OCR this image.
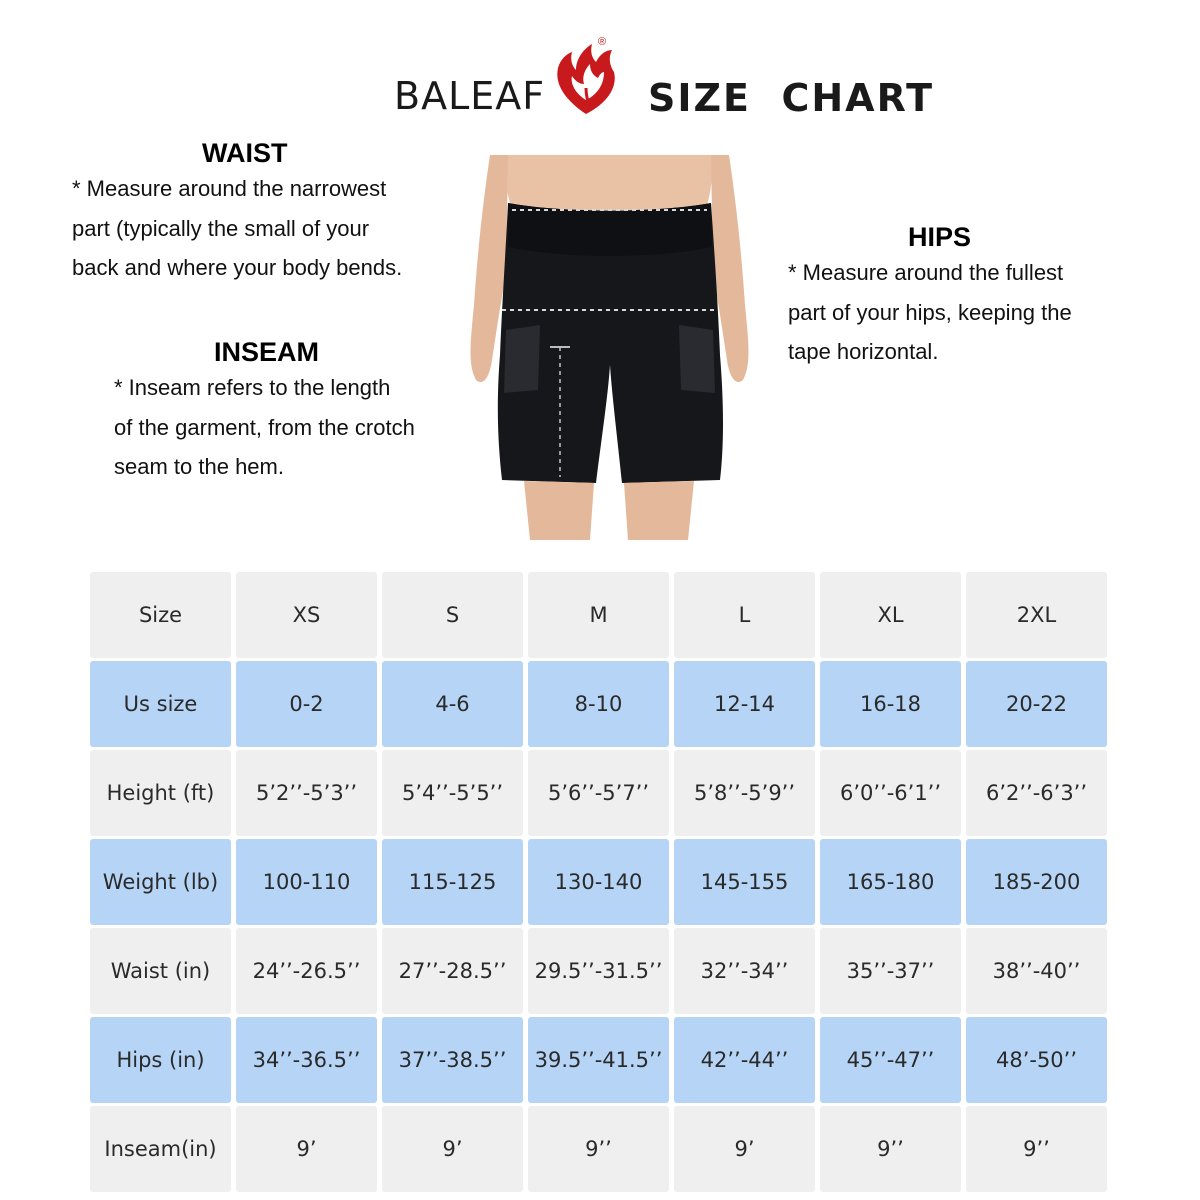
BALEAF
®
SIZE  CHART
WAIST

* Measure around the narrowest

part (typically the small of your

back and where your body bends.

INSEAM

* Inseam refers to the length

of the garment, from the crotch

seam to the hem.

HIPS

* Measure around the fullest

part of your hips, keeping the

tape horizontal.

Size	XS	S	M	L	XL	2XL
Us size	0-2	4-6	8-10	12-14	16-18	20-22
Height (ft)	5’2’’-5’3’’	5’4’’-5’5’’	5’6’’-5’7’’	5’8’’-5’9’’	6’0’’-6’1’’	6’2’’-6’3’’
Weight (lb)	100-110	115-125	130-140	145-155	165-180	185-200
Waist (in)	24’’-26.5’’	27’’-28.5’’	29.5’’-31.5’’	32’’-34’’	35’’-37’’	38’’-40’’
Hips (in)	34’’-36.5’’	37’’-38.5’’	39.5’’-41.5’’	42’’-44’’	45’’-47’’	48’-50’’
Inseam(in)	9’	9’	9’’	9’	9’’	9’’
